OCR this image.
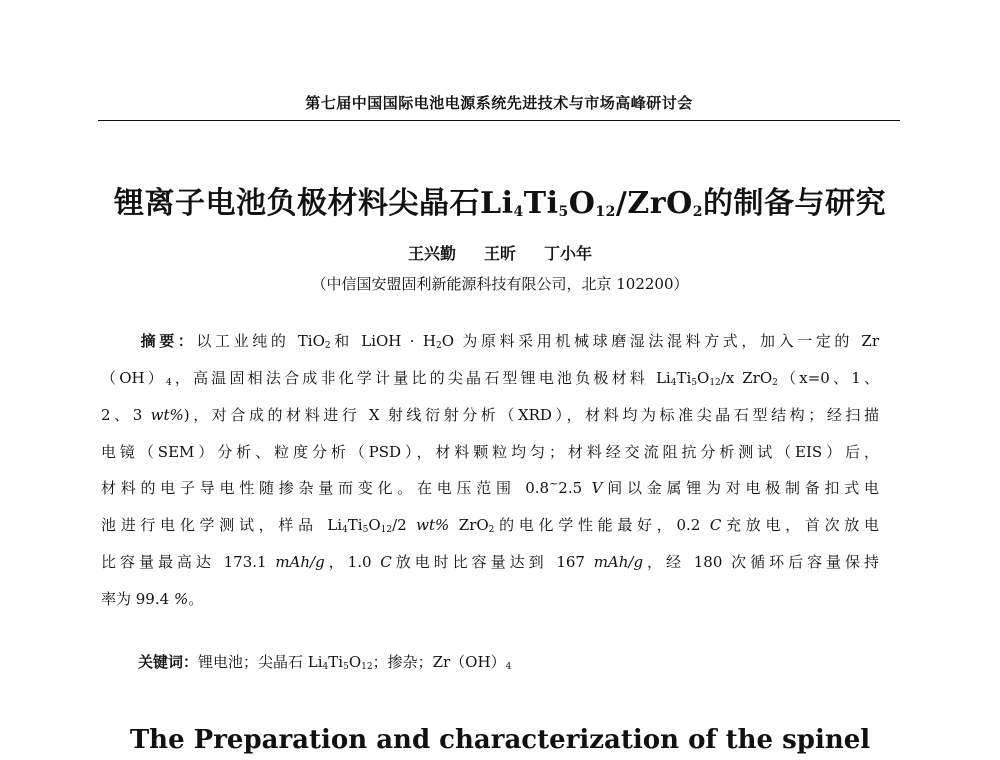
第七届中国国际电池电源系统先进技术与市场高峰研讨会
锂离子电池负极材料尖晶石$Li_4Ti_5O_{12}/ZrO_2$的制备与研究
王兴勤 王昕 丁小年
（中信国安盟固利新能源科技有限公司，北京 102200）
摘要：以工业纯的 TiO$_2$和 LiOH · $H_2O$ 为原料采用机械球磨湿法混料方式，加入一定的 Zr
$(OH)_4$，高温固相法合成非化学计量比的尖晶石型锂电池负极材料 $Li_4Ti_5O_{12}/x$ ZrO$_2$（x=0、1、
2、3 wt%)，对合成的材料进行 X 射线衍射分析（XRD），材料均为标准尖晶石型结构；经扫描
电镜（SEM）分析、粒度分析（PSD），材料颗粒均匀；材料经交流阻抗分析测试（EIS）后，
材料的电子导电性随掺杂量而变化。在电压范围 0.8~2.5 V间以金属锂为对电极制备扣式电
池进行电化学测试，样品 $Li_4Ti_5O_{12}/2$ wt% ZrO$_2$的电化学性能最好，0.2 C充放电，首次放电
比容量最高达 173.1 mAh/g，1.0 C放电时比容量达到 167 mAh/g，经 180 次循环后容量保持
率为 99.4 %。
关键词：锂电池；尖晶石 $Li_4Ti_5O_{12}$；掺杂；$Zr(OH)_4$
The Preparation and characterization of the spinel
